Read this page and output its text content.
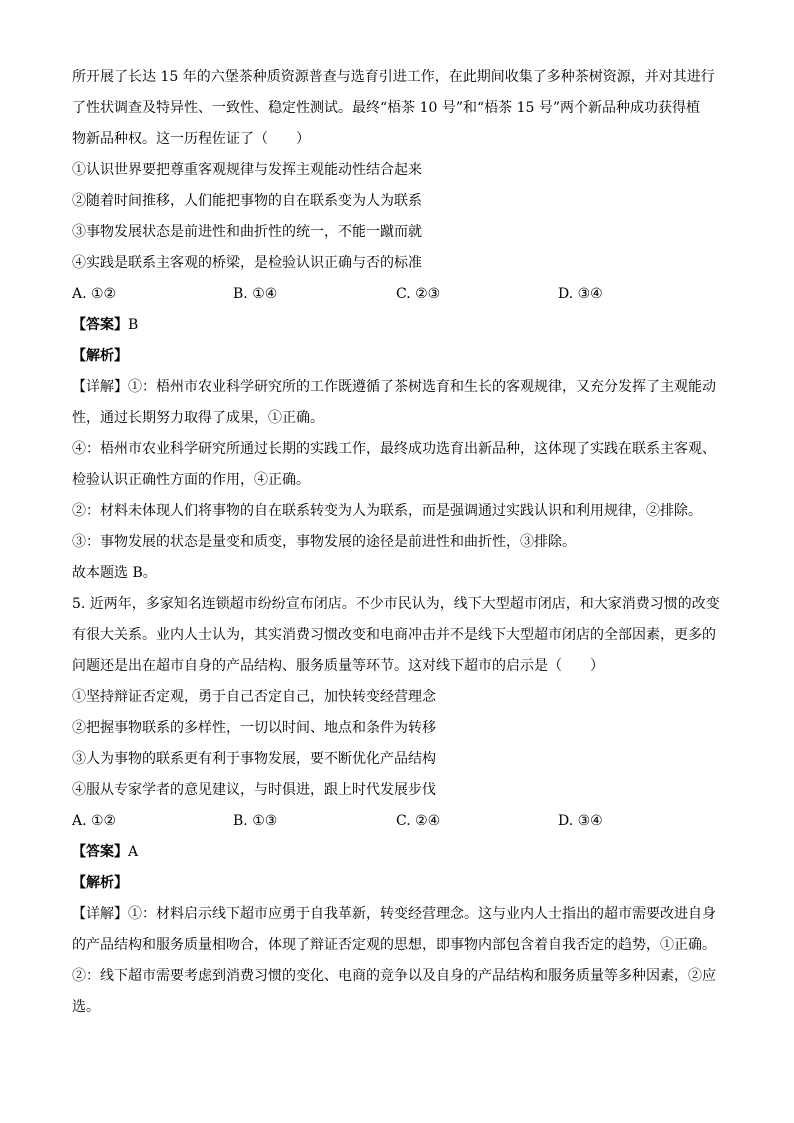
所开展了长达 15 年的六堡茶种质资源普查与选育引进工作，在此期间收集了多种茶树资源，并对其进行
了性状调查及特异性、一致性、稳定性测试。最终“梧茶 10 号”和“梧茶 15 号”两个新品种成功获得植
物新品种权。这一历程佐证了（　　）
①认识世界要把尊重客观规律与发挥主观能动性结合起来
②随着时间推移，人们能把事物的自在联系变为人为联系
③事物发展状态是前进性和曲折性的统一，不能一蹴而就
④实践是联系主客观的桥梁，是检验认识正确与否的标准
A. ①②	B. ①④	C. ②③	D. ③④
【答案】B
【解析】
【详解】①：梧州市农业科学研究所的工作既遵循了茶树选育和生长的客观规律，又充分发挥了主观能动
性，通过长期努力取得了成果，①正确。
④：梧州市农业科学研究所通过长期的实践工作，最终成功选育出新品种，这体现了实践在联系主客观、
检验认识正确性方面的作用，④正确。
②：材料未体现人们将事物的自在联系转变为人为联系，而是强调通过实践认识和利用规律，②排除。
③：事物发展的状态是量变和质变，事物发展的途径是前进性和曲折性，③排除。
故本题选 B。
5. 近两年，多家知名连锁超市纷纷宣布闭店。不少市民认为，线下大型超市闭店，和大家消费习惯的改变
有很大关系。业内人士认为，其实消费习惯改变和电商冲击并不是线下大型超市闭店的全部因素，更多的
问题还是出在超市自身的产品结构、服务质量等环节。这对线下超市的启示是（　　）
①坚持辩证否定观，勇于自己否定自己，加快转变经营理念
②把握事物联系的多样性，一切以时间、地点和条件为转移
③人为事物的联系更有利于事物发展，要不断优化产品结构
④服从专家学者的意见建议，与时俱进，跟上时代发展步伐
A. ①②	B. ①③	C. ②④	D. ③④
【答案】A
【解析】
【详解】①：材料启示线下超市应勇于自我革新，转变经营理念。这与业内人士指出的超市需要改进自身
的产品结构和服务质量相吻合，体现了辩证否定观的思想，即事物内部包含着自我否定的趋势，①正确。
②：线下超市需要考虑到消费习惯的变化、电商的竞争以及自身的产品结构和服务质量等多种因素，②应
选。
